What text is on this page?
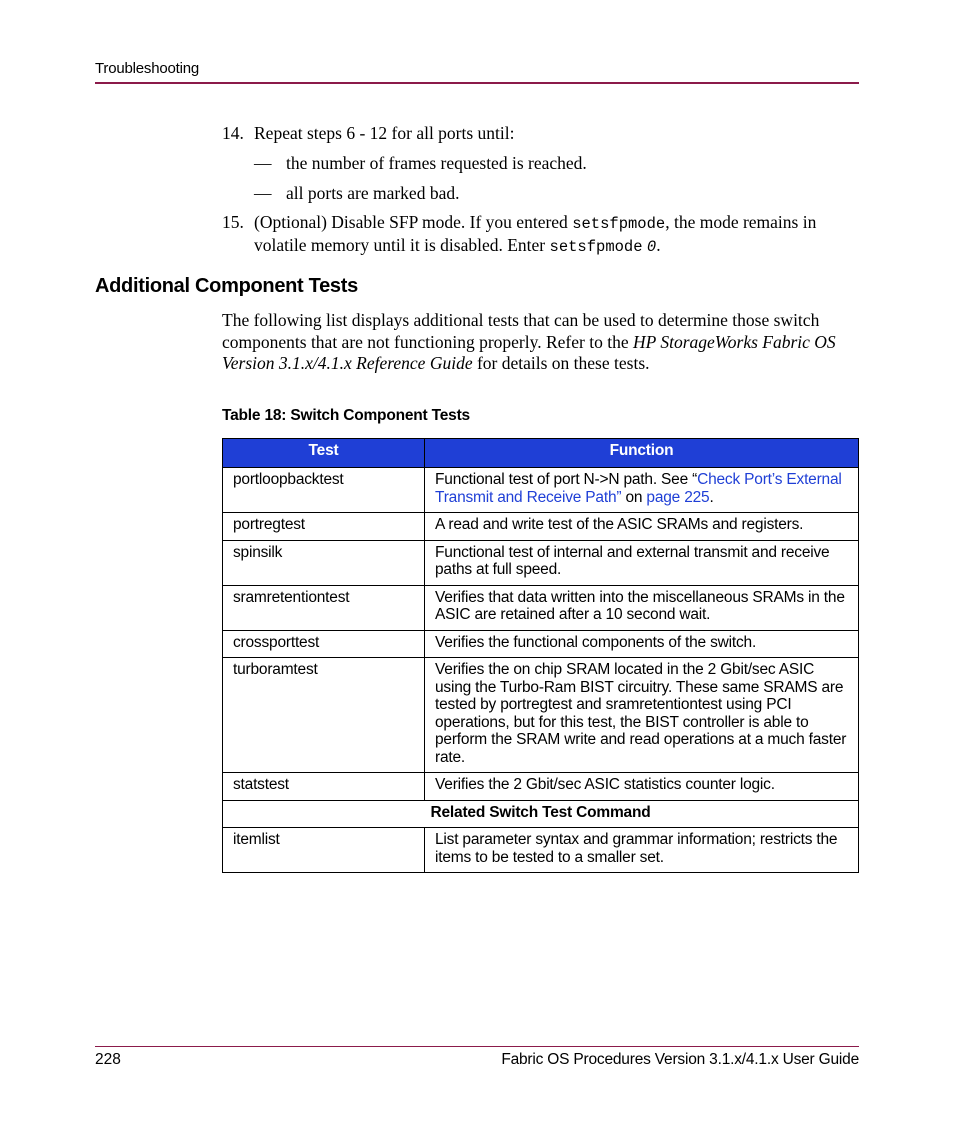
Troubleshooting
14. Repeat steps 6 - 12 for all ports until:
— the number of frames requested is reached.
— all ports are marked bad.
15. (Optional) Disable SFP mode. If you entered setsfpmode, the mode remains in volatile memory until it is disabled. Enter setsfpmode 0.
Additional Component Tests
The following list displays additional tests that can be used to determine those switch components that are not functioning properly. Refer to the HP StorageWorks Fabric OS Version 3.1.x/4.1.x Reference Guide for details on these tests.
Table 18: Switch Component Tests
Test	Function
portloopbacktest	Functional test of port N->N path. See “Check Port’s External Transmit and Receive Path” on page 225.
portregtest	A read and write test of the ASIC SRAMs and registers.
spinsilk	Functional test of internal and external transmit and receive paths at full speed.
sramretentiontest	Verifies that data written into the miscellaneous SRAMs in the ASIC are retained after a 10 second wait.
crossporttest	Verifies the functional components of the switch.
turboramtest	Verifies the on chip SRAM located in the 2 Gbit/sec ASIC using the Turbo-Ram BIST circuitry. These same SRAMS are tested by portregtest and sramretentiontest using PCI operations, but for this test, the BIST controller is able to perform the SRAM write and read operations at a much faster rate.
statstest	Verifies the 2 Gbit/sec ASIC statistics counter logic.
Related Switch Test Command	
itemlist	List parameter syntax and grammar information; restricts the items to be tested to a smaller set.
228	Fabric OS Procedures Version 3.1.x/4.1.x User Guide
